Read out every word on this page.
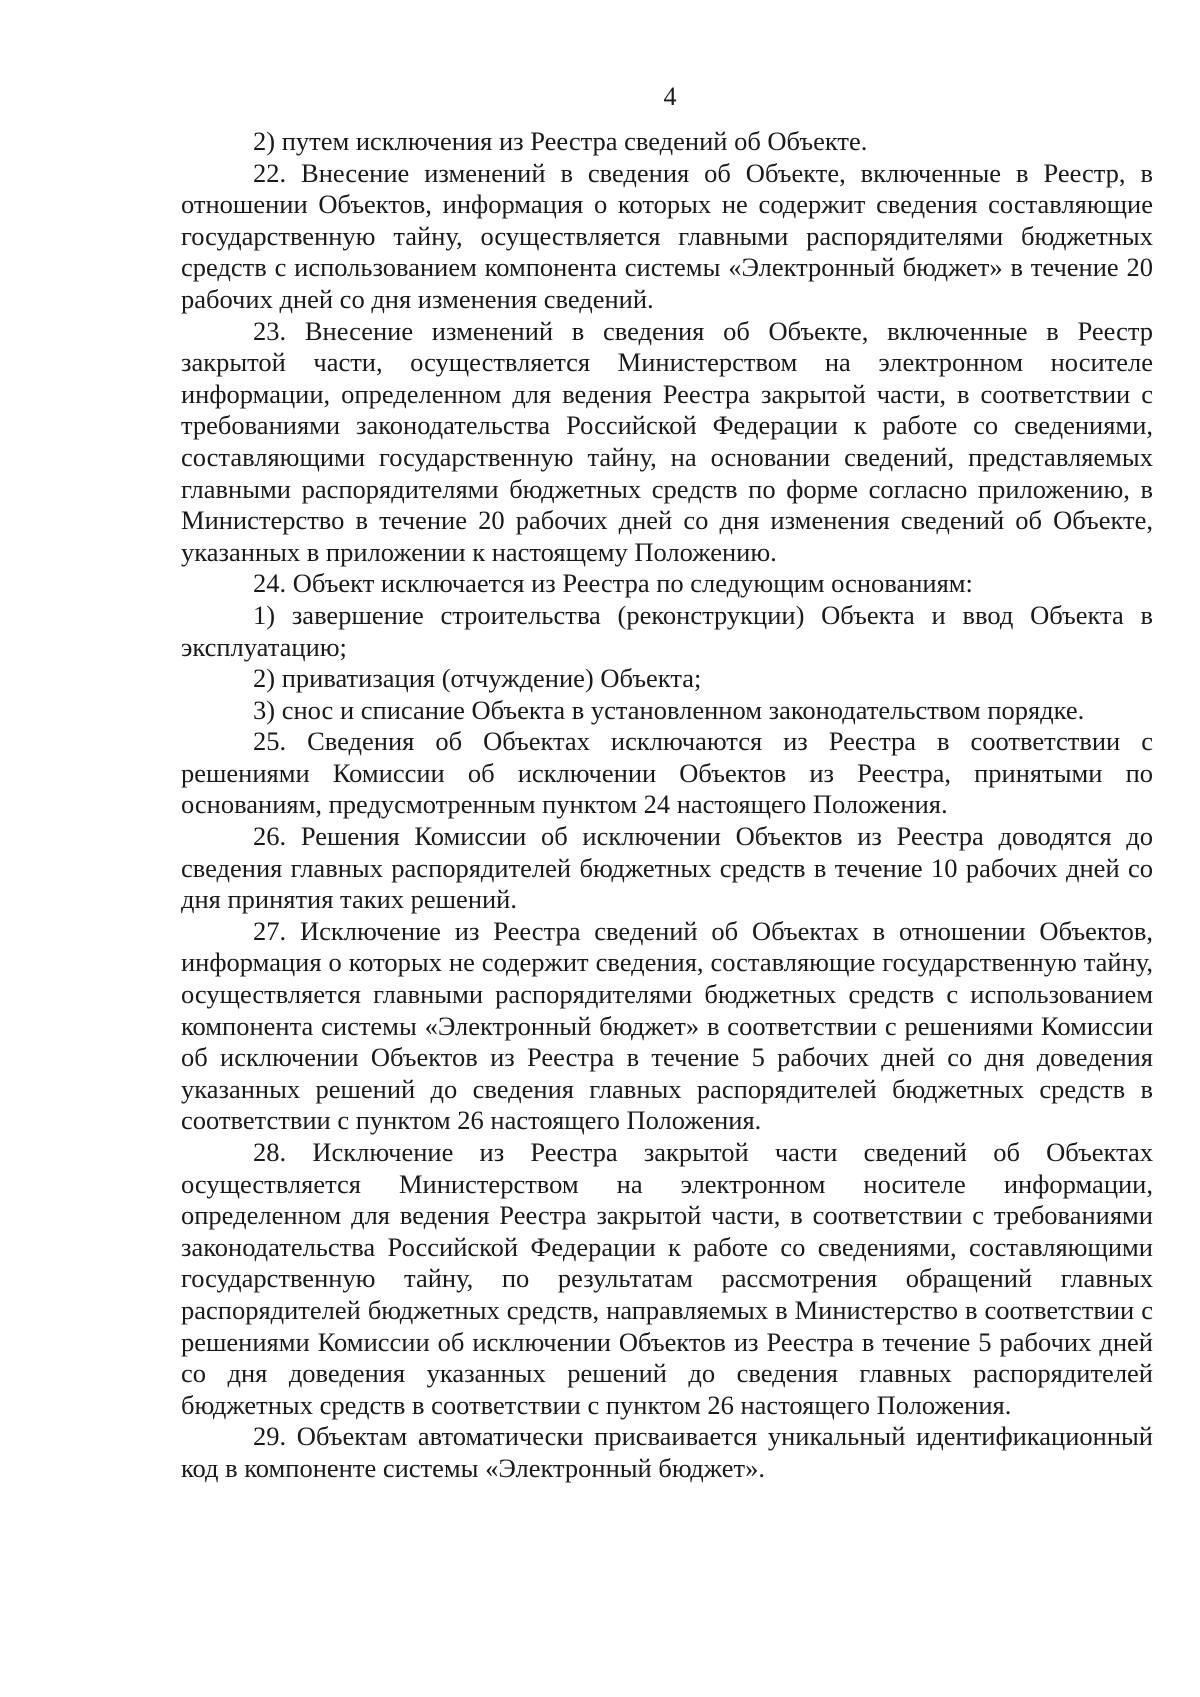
4

2) путем исключения из Реестра сведений об Объекте.

22. Внесение изменений в сведения об Объекте, включенные в Реестр, в отношении Объектов, информация о которых не содержит сведения составляющие государственную тайну, осуществляется главными распорядителями бюджетных средств с использованием компонента системы «Электронный бюджет» в течение 20 рабочих дней со дня изменения сведений.

23. Внесение изменений в сведения об Объекте, включенные в Реестр закрытой части, осуществляется Министерством на электронном носителе информации, определенном для ведения Реестра закрытой части, в соответствии с требованиями законодательства Российской Федерации к работе со сведениями, составляющими государственную тайну, на основании сведений, представляемых главными распорядителями бюджетных средств по форме согласно приложению, в Министерство в течение 20 рабочих дней со дня изменения сведений об Объекте, указанных в приложении к настоящему Положению.

24. Объект исключается из Реестра по следующим основаниям:

1) завершение строительства (реконструкции) Объекта и ввод Объекта в эксплуатацию;

2) приватизация (отчуждение) Объекта;

3) снос и списание Объекта в установленном законодательством порядке.

25. Сведения об Объектах исключаются из Реестра в соответствии с решениями Комиссии об исключении Объектов из Реестра, принятыми по основаниям, предусмотренным пунктом 24 настоящего Положения.

26. Решения Комиссии об исключении Объектов из Реестра доводятся до сведения главных распорядителей бюджетных средств в течение 10 рабочих дней со дня принятия таких решений.

27. Исключение из Реестра сведений об Объектах в отношении Объектов, информация о которых не содержит сведения, составляющие государственную тайну, осуществляется главными распорядителями бюджетных средств с использованием компонента системы «Электронный бюджет» в соответствии с решениями Комиссии об исключении Объектов из Реестра в течение 5 рабочих дней со дня доведения указанных решений до сведения главных распорядителей бюджетных средств в соответствии с пунктом 26 настоящего Положения.

28. Исключение из Реестра закрытой части сведений об Объектах осуществляется Министерством на электронном носителе информации, определенном для ведения Реестра закрытой части, в соответствии с требованиями законодательства Российской Федерации к работе со сведениями, составляющими государственную тайну, по результатам рассмотрения обращений главных распорядителей бюджетных средств, направляемых в Министерство в соответствии с решениями Комиссии об исключении Объектов из Реестра в течение 5 рабочих дней со дня доведения указанных решений до сведения главных распорядителей бюджетных средств в соответствии с пунктом 26 настоящего Положения.

29. Объектам автоматически присваивается уникальный идентификационный код в компоненте системы «Электронный бюджет».
